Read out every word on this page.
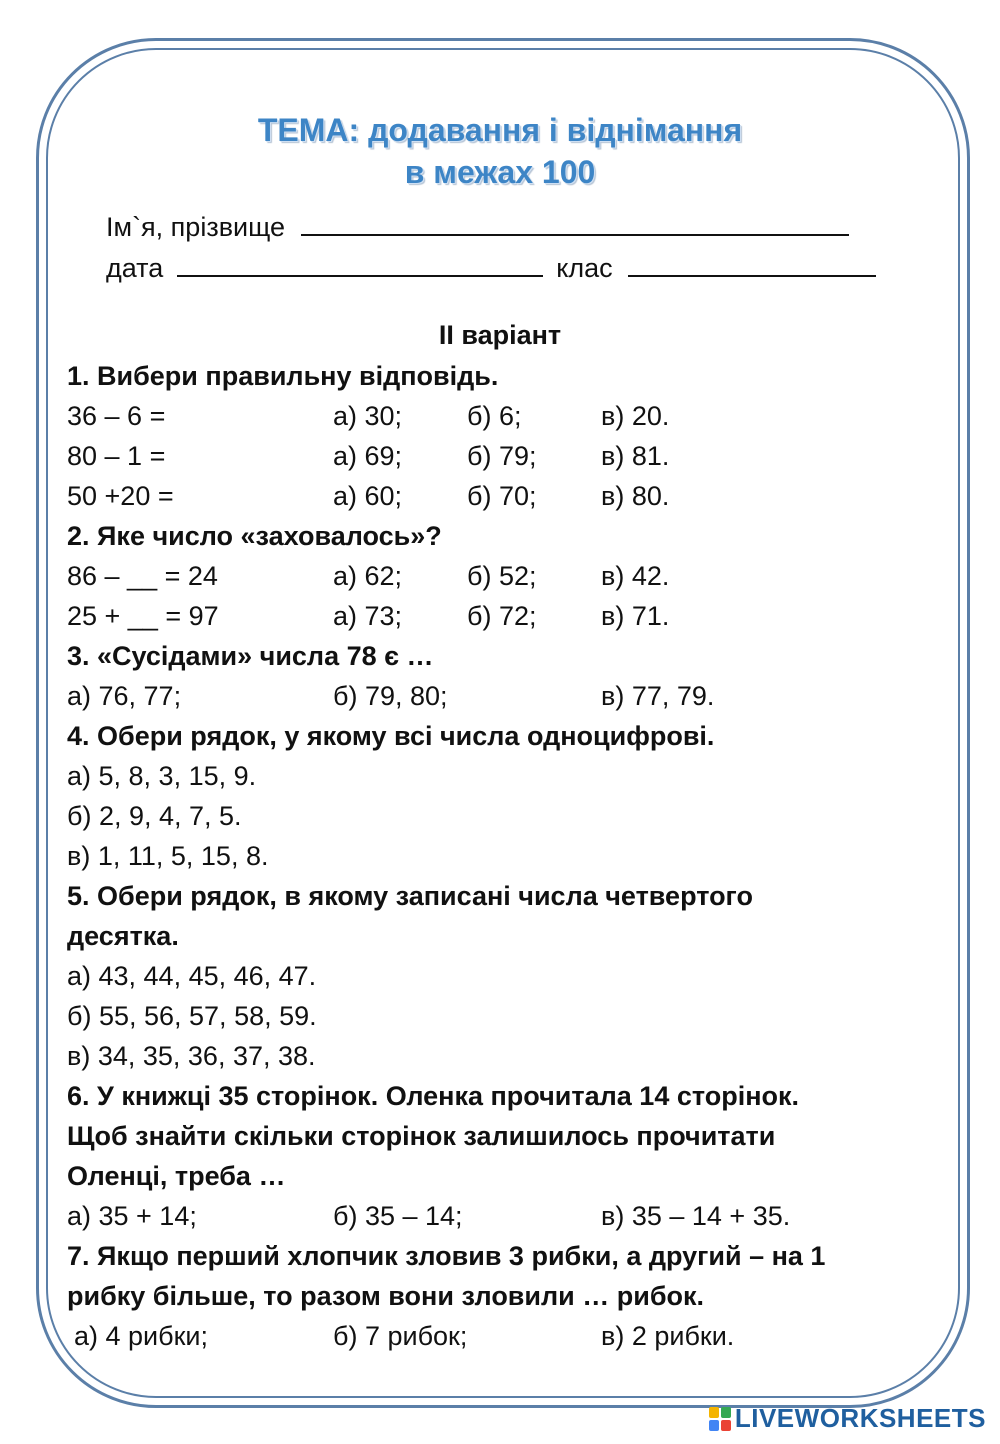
ТЕМА: додавання і віднімання
в межах 100
Ім`я, прізвище
дата	клас
ІІ варіант
1. Вибери правильну відповідь.
36 – 6 =	а) 30; б) 6;	в) 20.
80 – 1 =	а) 69; б) 79; в) 81.
50 +20 =	а) 60; б) 70; в) 80.
2. Яке число «заховалось»?
86 – __ = 24	а) 62; б) 52; в) 42.
25 + __ = 97	а) 73; б) 72; в) 71.
3. «Сусідами» числа 78 є …
а) 76, 77;	б) 79, 80;	в) 77, 79.
4. Обери рядок, у якому всі числа одноцифрові.
а) 5, 8, 3, 15, 9.
б) 2, 9, 4, 7, 5.
в) 1, 11, 5, 15, 8.
5. Обери рядок, в якому записані числа четвертого
десятка.
а) 43, 44, 45, 46, 47.
б) 55, 56, 57, 58, 59.
в) 34, 35, 36, 37, 38.
6. У книжці 35 сторінок. Оленка прочитала 14 сторінок.
Щоб знайти скільки сторінок залишилось прочитати
Оленці, треба …
а) 35 + 14;	б) 35 – 14;	в) 35 – 14 + 35.
7. Якщо перший хлопчик зловив 3 рибки, а другий – на 1
рибку більше, то разом вони зловили … рибок.
а) 4 рибки;	б) 7 рибок;	в) 2 рибки.
LIVEWORKSHEETS
